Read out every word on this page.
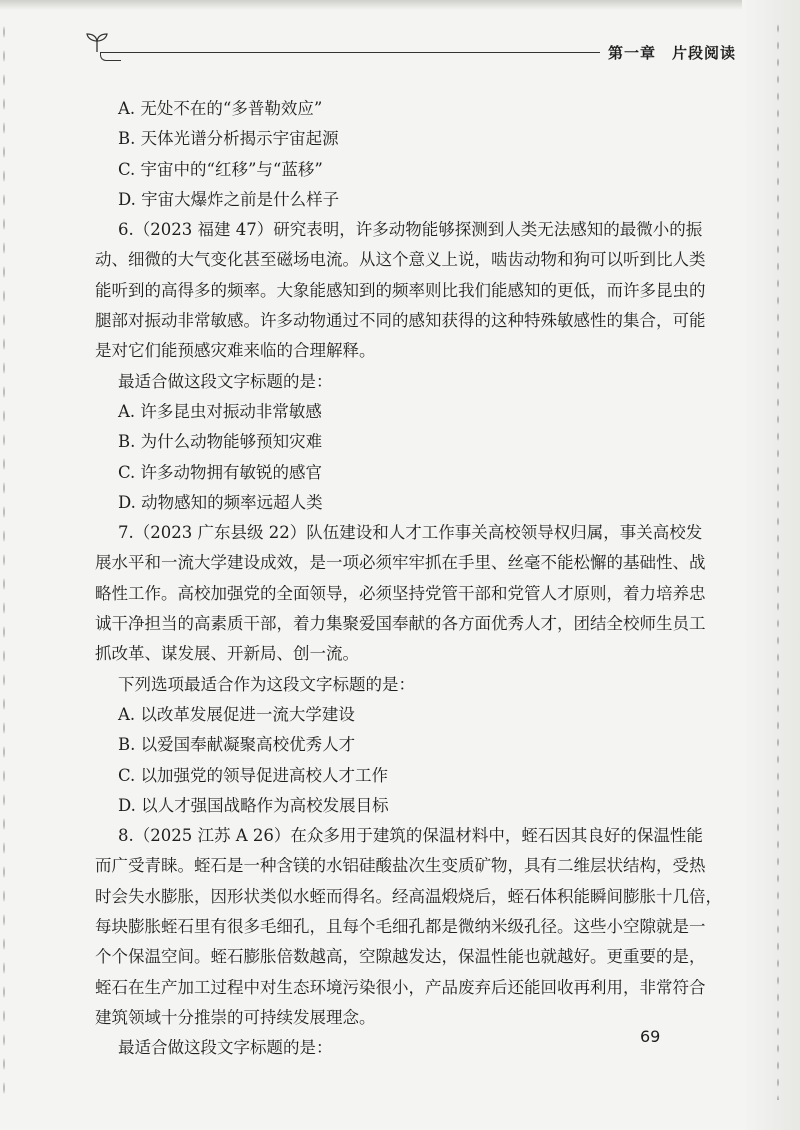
第一章　片段阅读
A. 无处不在的“多普勒效应”
B. 天体光谱分析揭示宇宙起源
C. 宇宙中的“红移”与“蓝移”
D. 宇宙大爆炸之前是什么样子
6.（2023 福建 47）研究表明，许多动物能够探测到人类无法感知的最微小的振
动、细微的大气变化甚至磁场电流。从这个意义上说，啮齿动物和狗可以听到比人类
能听到的高得多的频率。大象能感知到的频率则比我们能感知的更低，而许多昆虫的
腿部对振动非常敏感。许多动物通过不同的感知获得的这种特殊敏感性的集合，可能
是对它们能预感灾难来临的合理解释。
最适合做这段文字标题的是：
A. 许多昆虫对振动非常敏感
B. 为什么动物能够预知灾难
C. 许多动物拥有敏锐的感官
D. 动物感知的频率远超人类
7.（2023 广东县级 22）队伍建设和人才工作事关高校领导权归属，事关高校发
展水平和一流大学建设成效，是一项必须牢牢抓在手里、丝毫不能松懈的基础性、战
略性工作。高校加强党的全面领导，必须坚持党管干部和党管人才原则，着力培养忠
诚干净担当的高素质干部，着力集聚爱国奉献的各方面优秀人才，团结全校师生员工
抓改革、谋发展、开新局、创一流。
下列选项最适合作为这段文字标题的是：
A. 以改革发展促进一流大学建设
B. 以爱国奉献凝聚高校优秀人才
C. 以加强党的领导促进高校人才工作
D. 以人才强国战略作为高校发展目标
8.（2025 江苏 A 26）在众多用于建筑的保温材料中，蛭石因其良好的保温性能
而广受青睐。蛭石是一种含镁的水铝硅酸盐次生变质矿物，具有二维层状结构，受热
时会失水膨胀，因形状类似水蛭而得名。经高温煅烧后，蛭石体积能瞬间膨胀十几倍，
每块膨胀蛭石里有很多毛细孔，且每个毛细孔都是微纳米级孔径。这些小空隙就是一
个个保温空间。蛭石膨胀倍数越高，空隙越发达，保温性能也就越好。更重要的是，
蛭石在生产加工过程中对生态环境污染很小，产品废弃后还能回收再利用，非常符合
建筑领域十分推崇的可持续发展理念。
最适合做这段文字标题的是：
69
